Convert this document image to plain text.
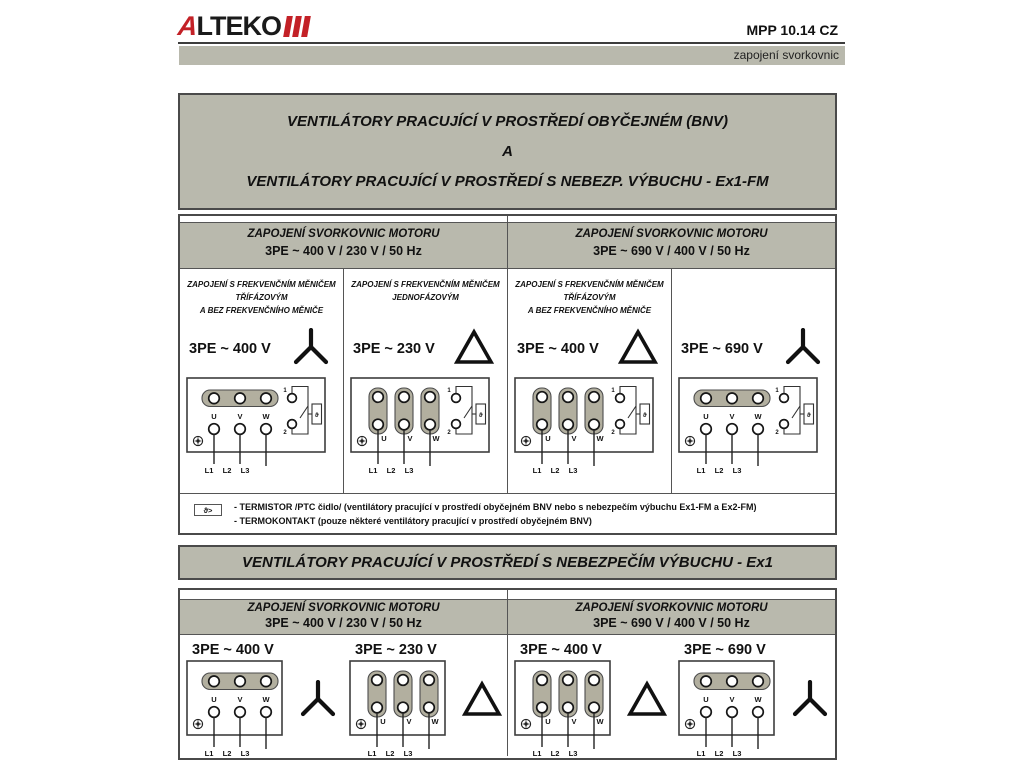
A
LTEKO	MPP 10.14 CZ
zapojení svorkovnic
VENTILÁTORY PRACUJÍCÍ V PROSTŘEDÍ OBYČEJNÉM (BNV)
A
VENTILÁTORY PRACUJÍCÍ V PROSTŘEDÍ S NEBEZP. VÝBUCHU - Ex1-FM
ZAPOJENÍ SVORKOVNIC MOTORU
3PE ~ 400 V / 230 V / 50 Hz
ZAPOJENÍ SVORKOVNIC MOTORU
3PE ~ 690 V / 400 V / 50 Hz
ZAPOJENÍ S FREKVENČNÍM MĚNIČEM
TŘÍFÁZOVÝM
A BEZ FREKVENČNÍHO MĚNIČE
3PE ~ 400 V
U	V	W
L1 L2 L3
1
2
ϑ
ZAPOJENÍ S FREKVENČNÍM MĚNIČEM
JEDNOFÁZOVÝM
3PE ~ 230 V
U	V	W
L1 L2 L3
1
2
ϑ
ZAPOJENÍ S FREKVENČNÍM MĚNIČEM
TŘÍFÁZOVÝM
A BEZ FREKVENČNÍHO MĚNIČE
3PE ~ 400 V
U	V	W
L1 L2 L3
1
2
ϑ
3PE ~ 690 V
U	V	W
L1 L2 L3
1
2
ϑ
ϑ>	- TERMISTOR /PTC čidlo/ (ventilátory pracující v prostředí obyčejném BNV nebo s nebezpečím výbuchu Ex1-FM a Ex2-FM)
- TERMOKONTAKT (pouze některé ventilátory pracující v prostředí obyčejném BNV)
VENTILÁTORY PRACUJÍCÍ V PROSTŘEDÍ S NEBEZPEČÍM VÝBUCHU - Ex1
ZAPOJENÍ SVORKOVNIC MOTORU
3PE ~ 400 V / 230 V / 50 Hz
ZAPOJENÍ SVORKOVNIC MOTORU
3PE ~ 690 V / 400 V / 50 Hz
3PE ~ 400 V
U	V	W
L1 L2 L3
3PE ~ 230 V
U	V	W
L1 L2 L3
3PE ~ 400 V
U	V	W
L1 L2 L3
3PE ~ 690 V
U	V	W
L1 L2 L3
